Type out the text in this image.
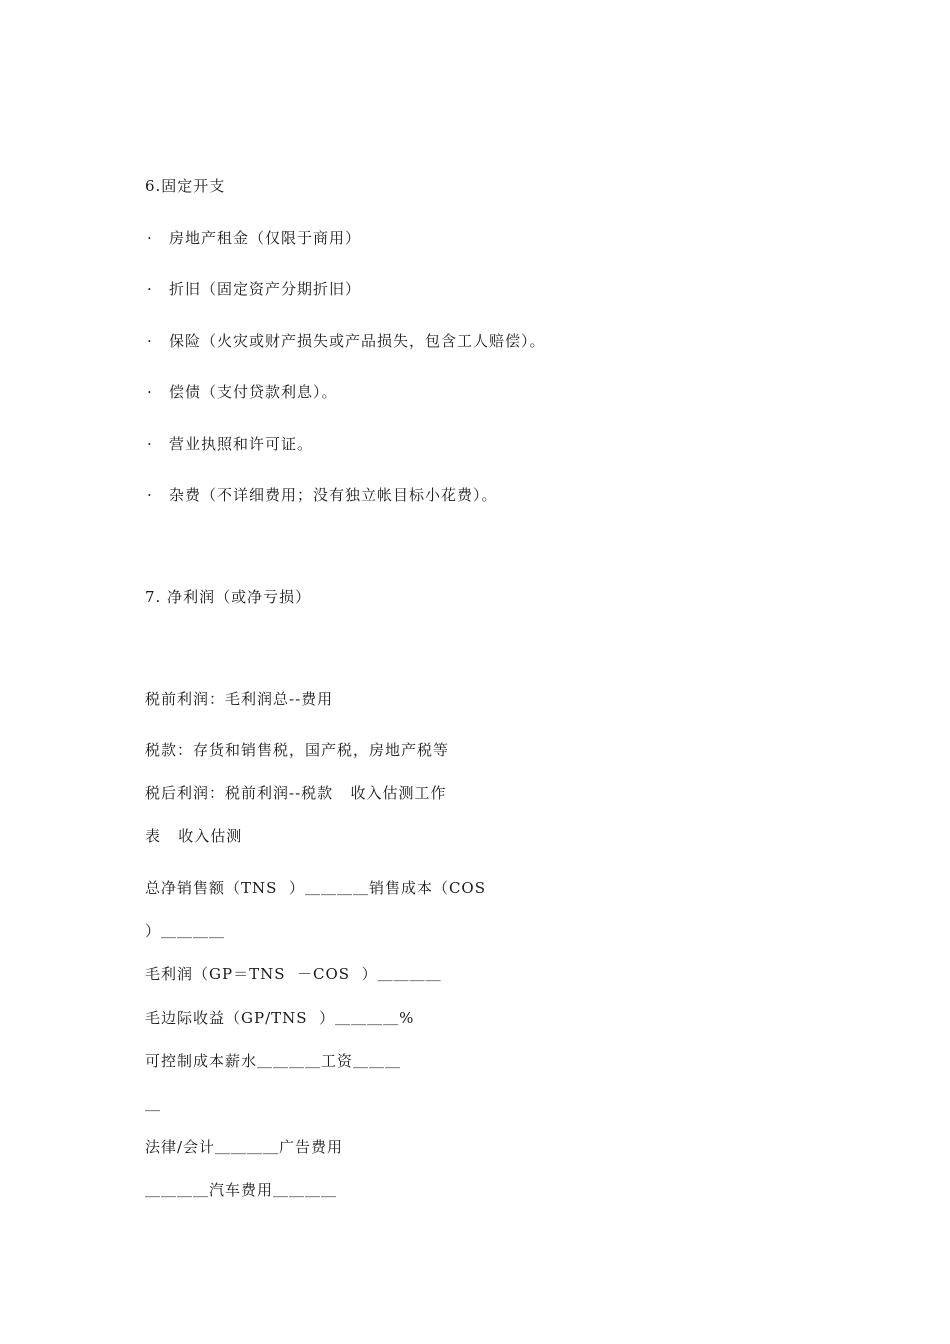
6.固定开支
· 房地产租金（仅限于商用）
· 折旧（固定资产分期折旧）
· 保险（火灾或财产损失或产品损失，包含工人赔偿）。
· 偿债（支付贷款利息）。
· 营业执照和许可证。
· 杂费（不详细费用；没有独立帐目标小花费）。
7. 净利润（或净亏损）
税前利润：毛利润总--费用
税款：存货和销售税，国产税，房地产税等
税后利润：税前利润--税款   收入估测工作
表   收入估测
总净销售额（TNS  ）＿＿＿＿销售成本（COS
）＿＿＿＿
毛利润（GP＝TNS  －COS  ）＿＿＿＿
毛边际收益（GP/TNS  ）＿＿＿＿%
可控制成本薪水＿＿＿＿工资＿＿＿
＿
法律/会计＿＿＿＿广告费用
＿＿＿＿汽车费用＿＿＿＿
